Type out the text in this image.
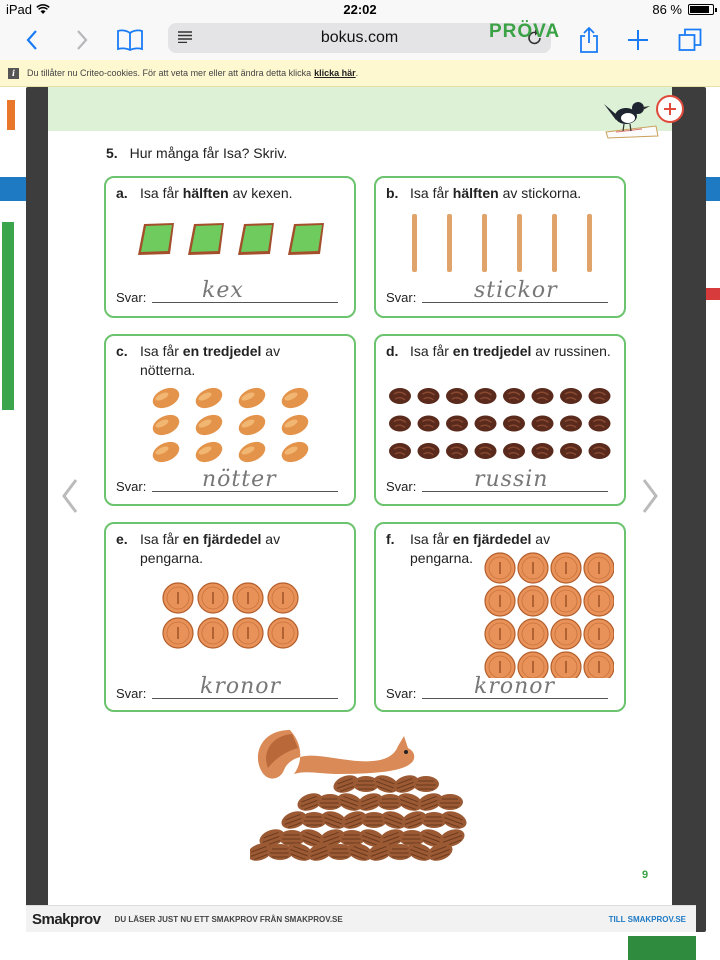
iPad	22:02	86 %
bokus.com
i	Du tillåter nu Criteo-cookies. För att veta mer eller att ändra detta klicka klicka här .
PRÖVA
5. Hur många får Isa? Skriv.
a. Isa får hälften av kexen.
Svar:	kex
b. Isa får hälften av stickorna.
Svar:	stickor
c. Isa får en tredjedel av
nötterna.
Svar:	nötter
d. Isa får en tredjedel av russinen.
Svar:	russin
e. Isa får en fjärdedel av
pengarna.
Svar: kronor
f. Isa får en fjärdedel av
pengarna.
Svar:	kronor
9
Smakprov DU LÄSER JUST NU ETT SMAKPROV FRÅN SMAKPROV.SE	TILL SMAKPROV.SE
